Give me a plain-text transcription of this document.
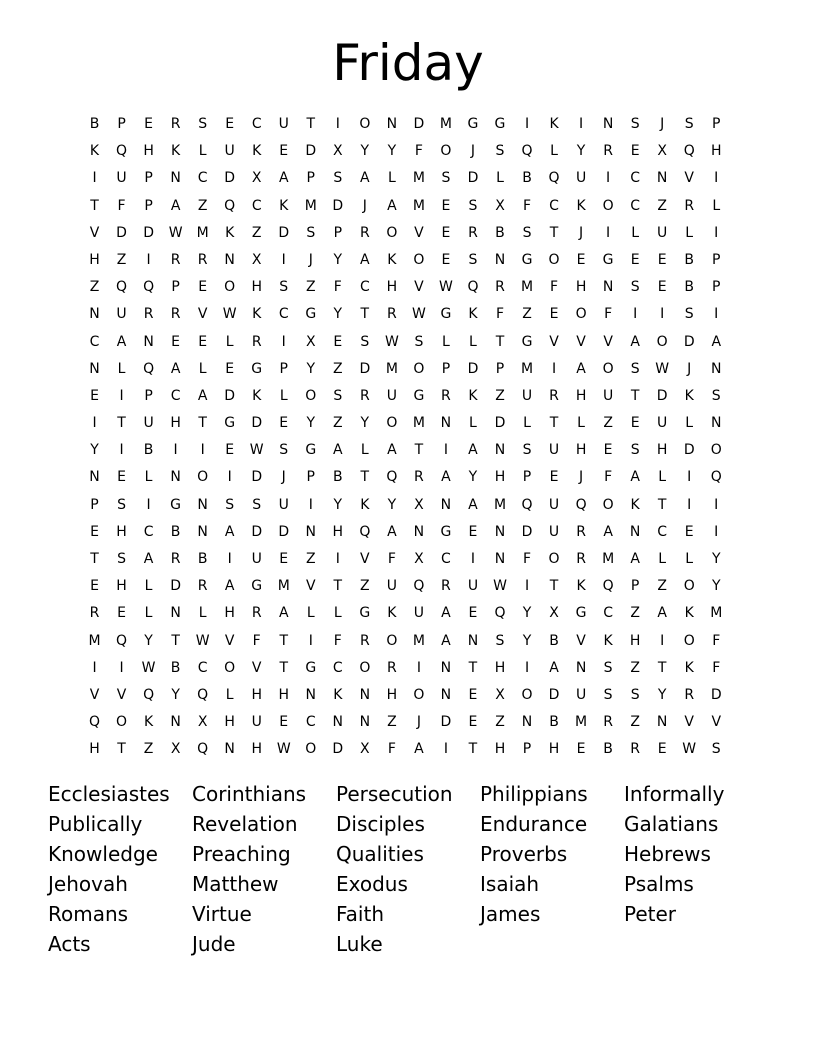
Friday
B	P	E	R	S	E	C	U	T	I	O	N	D	M	G	G	I	K	I	N	S	J	S	P
K	Q	H	K	L	U	K	E	D	X	Y	Y	F	O	J	S	Q	L	Y	R	E	X	Q	H
I	U	P	N	C	D	X	A	P	S	A	L	M	S	D	L	B	Q	U	I	C	N	V	I
T	F	P	A	Z	Q	C	K	M	D	J	A	M	E	S	X	F	C	K	O	C	Z	R	L
V	D	D	W	M	K	Z	D	S	P	R	O	V	E	R	B	S	T	J	I	L	U	L	I
H	Z	I	R	R	N	X	I	J	Y	A	K	O	E	S	N	G	O	E	G	E	E	B	P
Z	Q	Q	P	E	O	H	S	Z	F	C	H	V	W	Q	R	M	F	H	N	S	E	B	P
N	U	R	R	V	W	K	C	G	Y	T	R	W	G	K	F	Z	E	O	F	I	I	S	I
C	A	N	E	E	L	R	I	X	E	S	W	S	L	L	T	G	V	V	V	A	O	D	A
N	L	Q	A	L	E	G	P	Y	Z	D	M	O	P	D	P	M	I	A	O	S	W	J	N
E	I	P	C	A	D	K	L	O	S	R	U	G	R	K	Z	U	R	H	U	T	D	K	S
I	T	U	H	T	G	D	E	Y	Z	Y	O	M	N	L	D	L	T	L	Z	E	U	L	N
Y	I	B	I	I	E	W	S	G	A	L	A	T	I	A	N	S	U	H	E	S	H	D	O
N	E	L	N	O	I	D	J	P	B	T	Q	R	A	Y	H	P	E	J	F	A	L	I	Q
P	S	I	G	N	S	S	U	I	Y	K	Y	X	N	A	M	Q	U	Q	O	K	T	I	I
E	H	C	B	N	A	D	D	N	H	Q	A	N	G	E	N	D	U	R	A	N	C	E	I
T	S	A	R	B	I	U	E	Z	I	V	F	X	C	I	N	F	O	R	M	A	L	L	Y
E	H	L	D	R	A	G	M	V	T	Z	U	Q	R	U	W	I	T	K	Q	P	Z	O	Y
R	E	L	N	L	H	R	A	L	L	G	K	U	A	E	Q	Y	X	G	C	Z	A	K	M
M	Q	Y	T	W	V	F	T	I	F	R	O	M	A	N	S	Y	B	V	K	H	I	O	F
I	I	W	B	C	O	V	T	G	C	O	R	I	N	T	H	I	A	N	S	Z	T	K	F
V	V	Q	Y	Q	L	H	H	N	K	N	H	O	N	E	X	O	D	U	S	S	Y	R	D
Q	O	K	N	X	H	U	E	C	N	N	Z	J	D	E	Z	N	B	M	R	Z	N	V	V
H	T	Z	X	Q	N	H	W	O	D	X	F	A	I	T	H	P	H	E	B	R	E	W	S
Ecclesiastes	Corinthians	Persecution	Philippians	Informally
Publically	Revelation	Disciples	Endurance	Galatians
Knowledge	Preaching	Qualities	Proverbs	Hebrews
Jehovah	Matthew	Exodus	Isaiah	Psalms
Romans	Virtue	Faith	James	Peter
Acts	Jude	Luke
